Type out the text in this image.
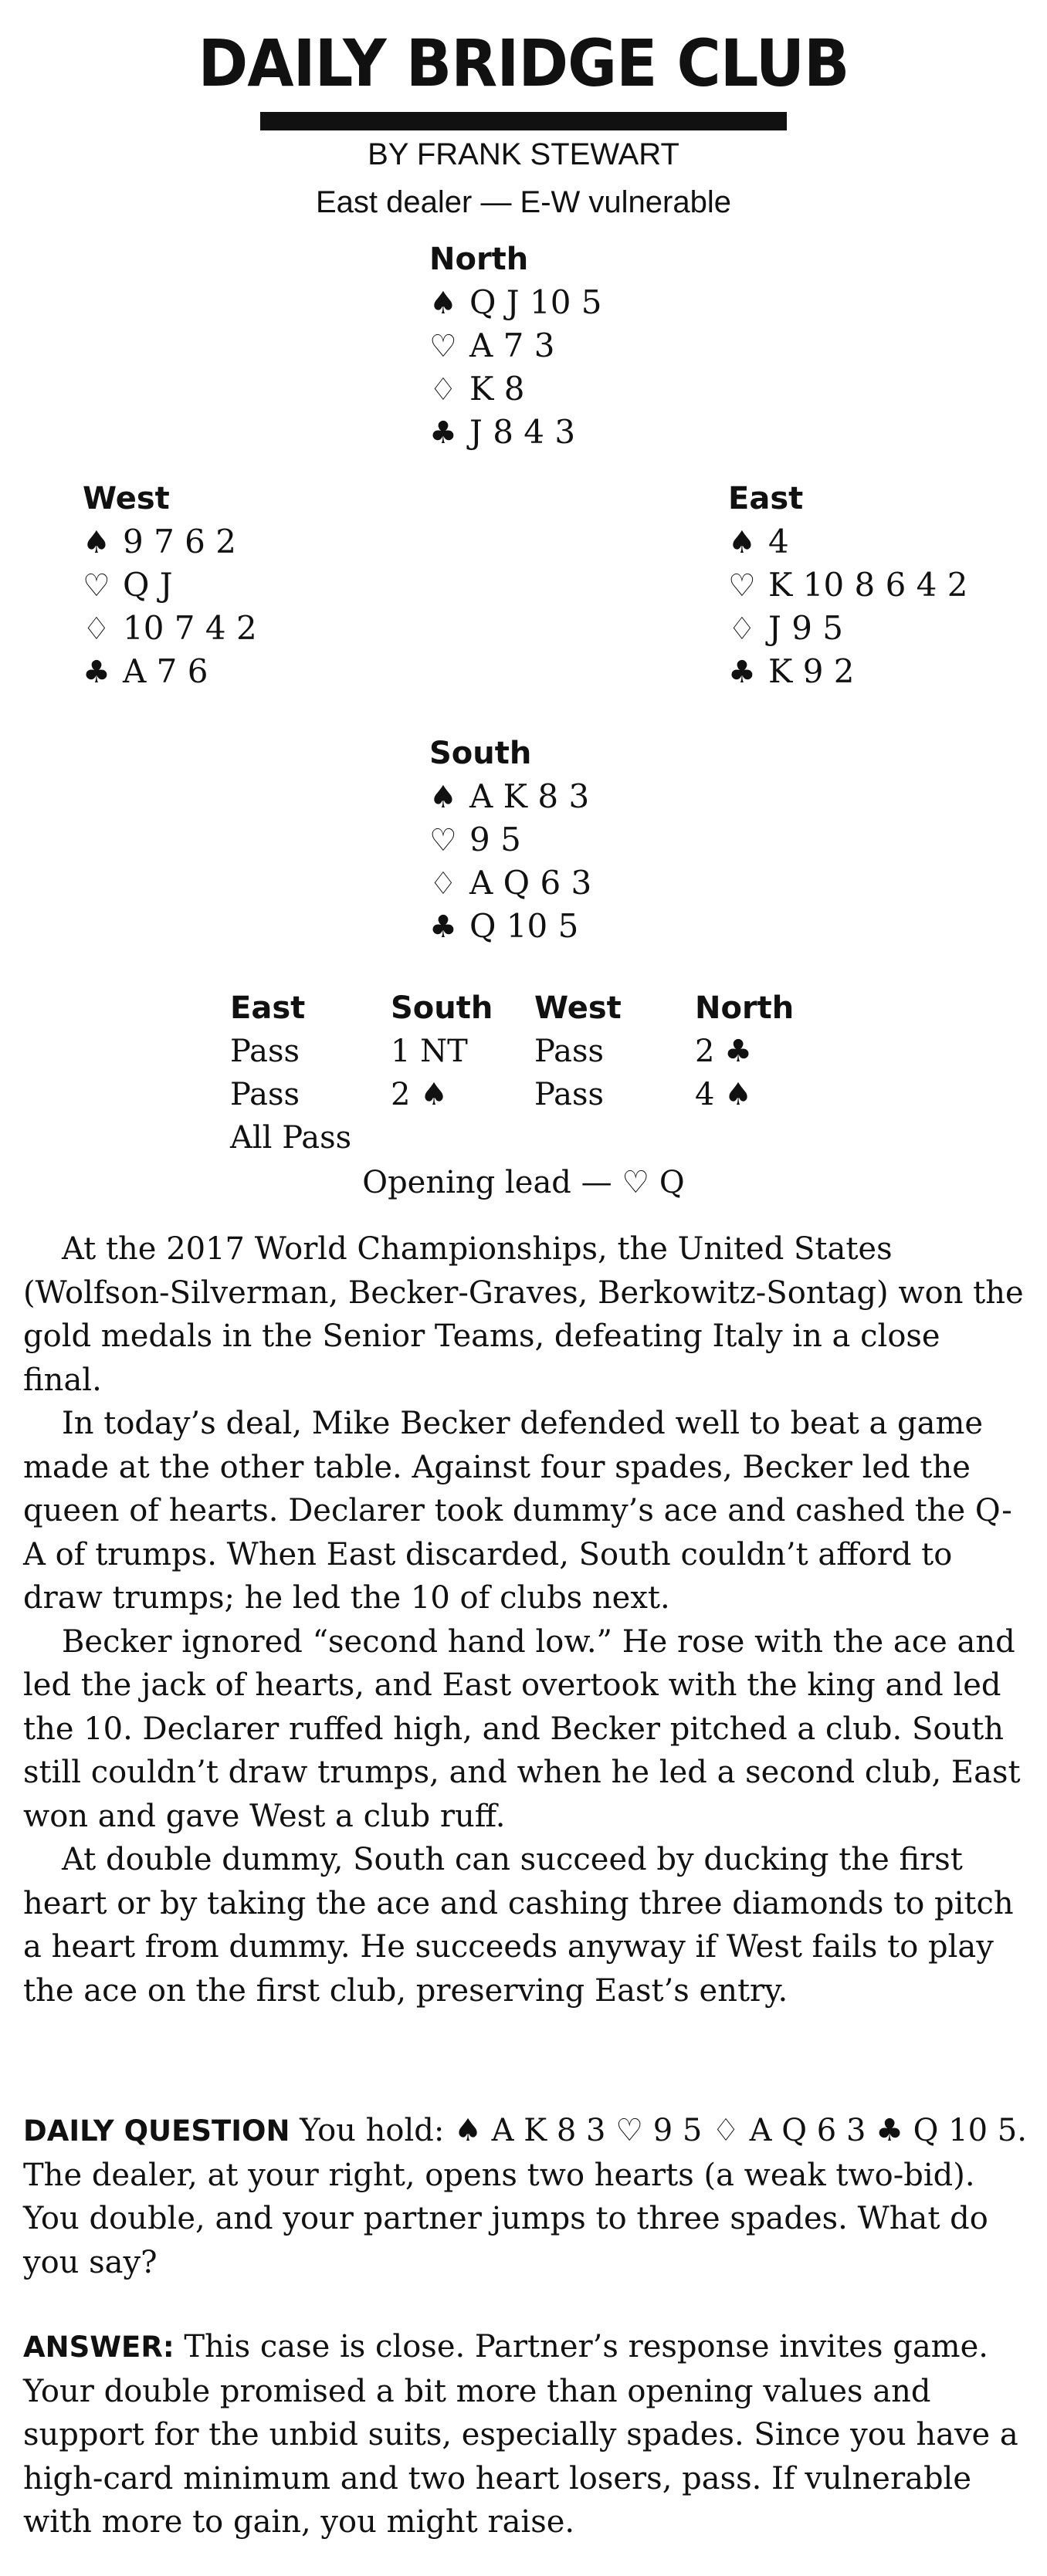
DAILY BRIDGE CLUB
BY FRANK STEWART
East dealer — E-W vulnerable
North
♠ Q J 10 5
♡ A 7 3
♢ K 8
♣ J 8 4 3
West
♠ 9 7 6 2
♡ Q J
♢ 10 7 4 2
♣ A 7 6
East
♠ 4
♡ K 10 8 6 4 2
♢ J 9 5
♣ K 9 2
South
♠ A K 8 3
♡ 9 5
♢ A Q 6 3
♣ Q 10 5
East	South West North
Pass	1 NT Pass	2 ♣
Pass	2 ♠	Pass	4 ♠
All Pass
Opening lead — ♡ Q

At the 2017 World Championships, the United States (Wolfson-Silverman, Becker-Graves, Berkowitz-Sontag) won the gold medals in the Senior Teams, defeating Italy in a close final.

In today’s deal, Mike Becker defended well to beat a game made at the other table. Against four spades, Becker led the queen of hearts. Declarer took dummy’s ace and cashed the Q-A of trumps. When East discarded, South couldn’t afford to draw trumps; he led the 10 of clubs next.

Becker ignored “second hand low.” He rose with the ace and led the jack of hearts, and East overtook with the king and led the 10. Declarer ruffed high, and Becker pitched a club. South still couldn’t draw trumps, and when he led a second club, East won and gave West a club ruff.

At double dummy, South can succeed by ducking the first heart or by taking the ace and cashing three diamonds to pitch a heart from dummy. He succeeds anyway if West fails to play the ace on the first club, preserving East’s entry.

DAILY QUESTION You hold: ♠ A K 8 3 ♡ 9 5 ♢ A Q 6 3 ♣ Q 10 5. The dealer, at your right, opens two hearts (a weak two-bid). You double, and your partner jumps to three spades. What do you say?

ANSWER: This case is close. Partner’s response invites game. Your double promised a bit more than opening values and support for the unbid suits, especially spades. Since you have a high-card minimum and two heart losers, pass. If vulnerable with more to gain, you might raise.
